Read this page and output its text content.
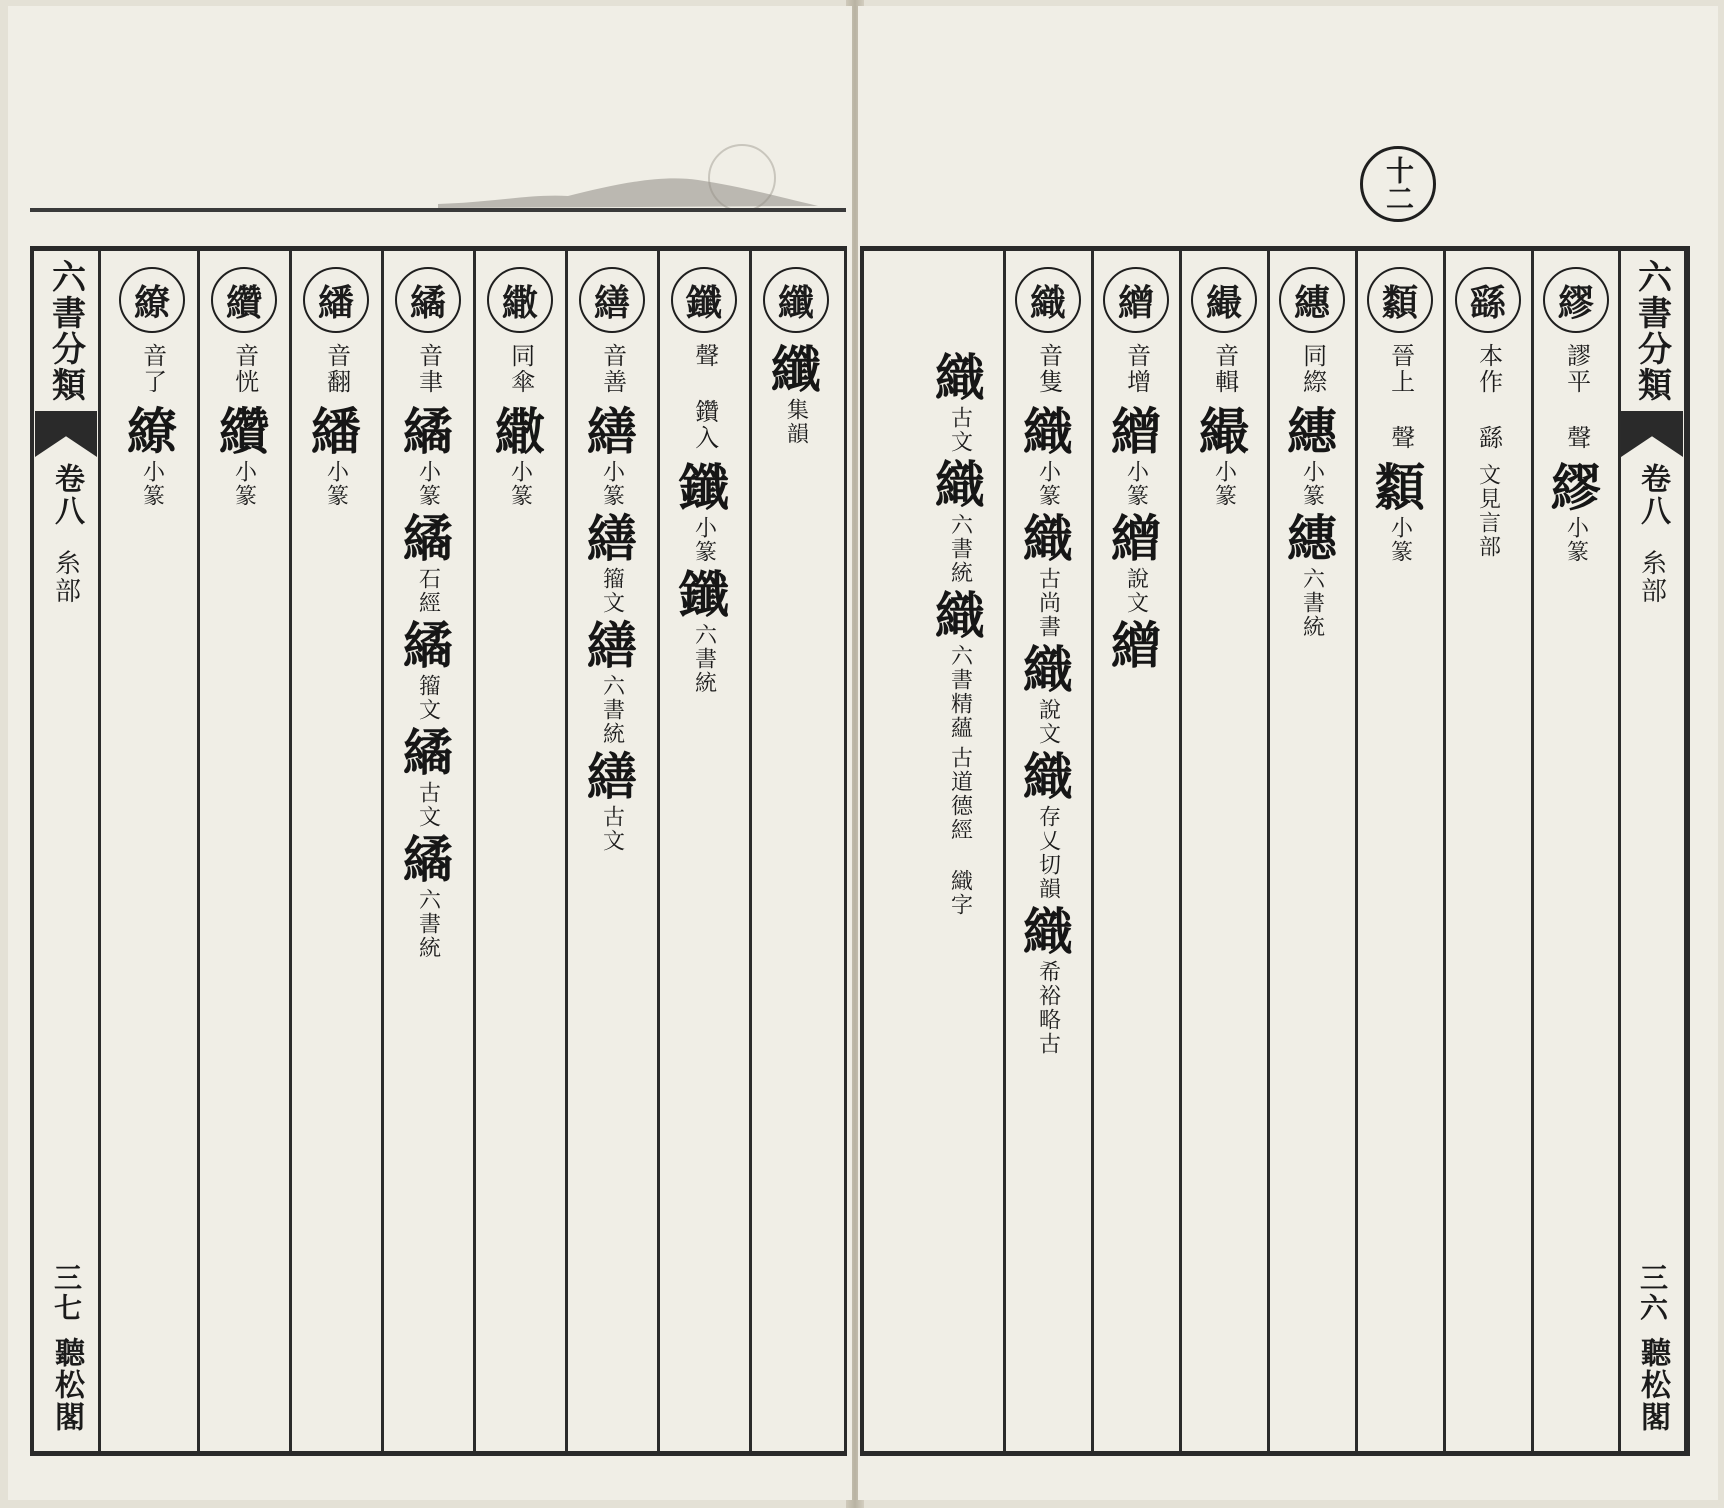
六書分類
卷八
糸部
三七
聽松閣
纖
纖
集韻
鑯
聲 鑽入
鑯
小篆
鑯
六書統
繕
音善
繕
小篆
繕
籀文
繕
六書統
繕
古文
繖
同傘
繖
小篆
繘
音聿
繘
小篆
繘
石經
繘
籀文
繘
古文
繘
六書統
繙
音翻
繙
小篆
纘
音恍
纘
小篆
繚
音了
繚
小篆
十二
六書分類
卷八
糸部
三六
聽松閣
繆
謬平 聲
繆
小篆
繇
本作 繇
文見言部
纇
晉上 聲
纇
小篆
繐
同縩
繐
小篆
繐
六書統
繓
音輯
繓
小篆
繒
音增
繒
小篆
繒
說文
繒
織
音隻
織
小篆
織
古尚書
織
說文
織
存乂切韻
織
希裕略古
織
古文
織
六書統
織
六書精蘊
古道德經 織字
